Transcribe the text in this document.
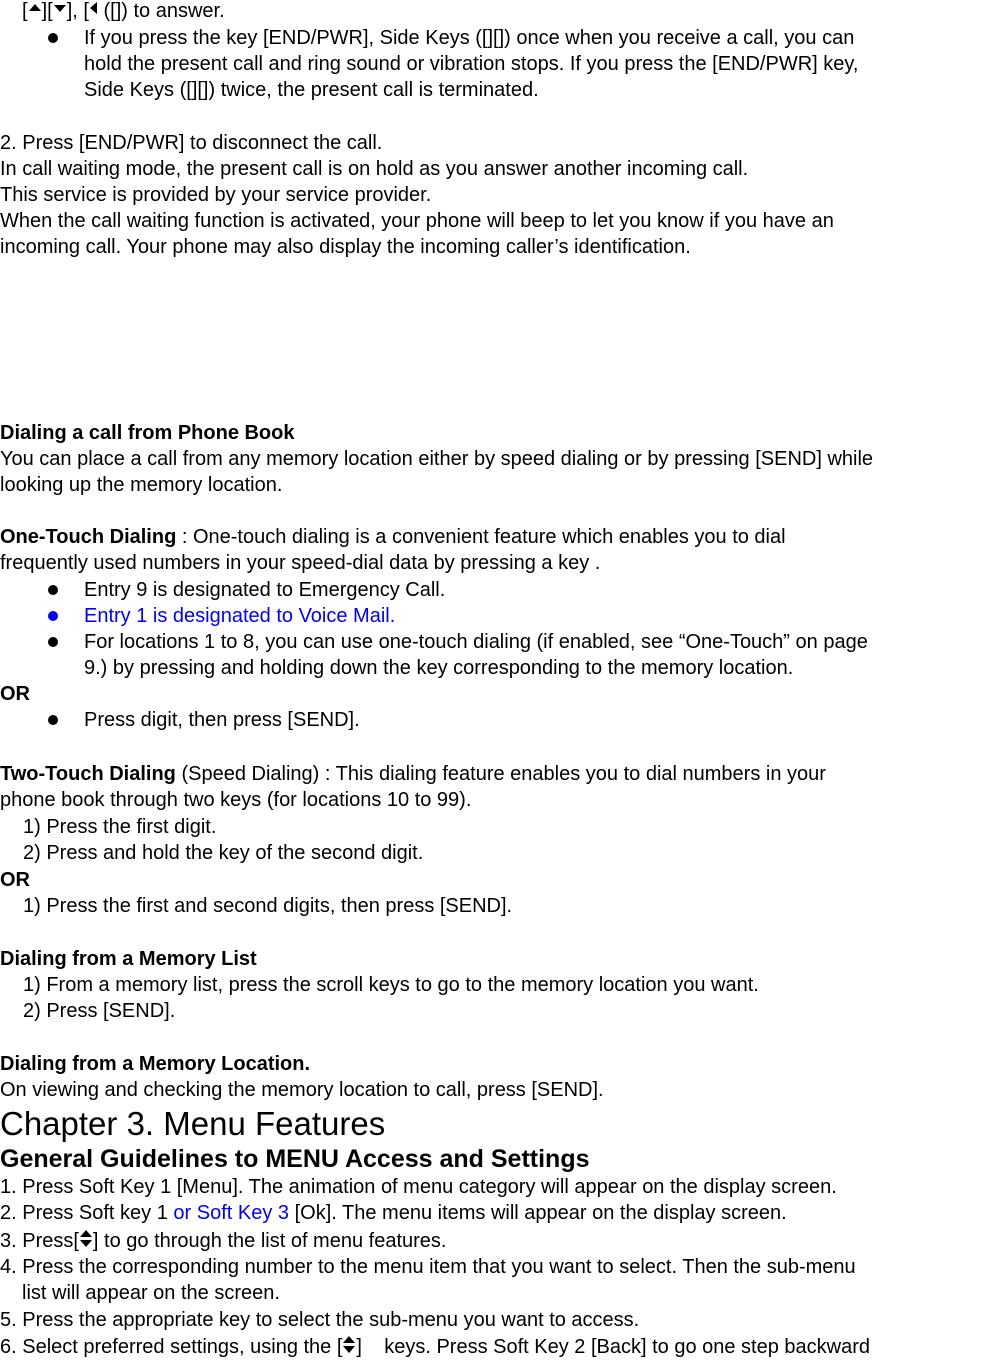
[ ][ ], [ ([]) to answer.
If you press the key [END/PWR], Side Keys ([][]) once when you receive a call, you can
hold the present call and ring sound or vibration stops. If you press the [END/PWR] key,
Side Keys ([][]) twice, the present call is terminated.
2. Press [END/PWR] to disconnect the call.
In call waiting mode, the present call is on hold as you answer another incoming call.
This service is provided by your service provider.
When the call waiting function is activated, your phone will beep to let you know if you have an
incoming call. Your phone may also display the incoming caller’s identification.
Dialing a call from Phone Book
You can place a call from any memory location either by speed dialing or by pressing [SEND] while
looking up the memory location.
One-Touch Dialing : One-touch dialing is a convenient feature which enables you to dial
frequently used numbers in your speed-dial data by pressing a key .
Entry 9 is designated to Emergency Call.
Entry 1 is designated to Voice Mail.
For locations 1 to 8, you can use one-touch dialing (if enabled, see “One-Touch” on page
9.) by pressing and holding down the key corresponding to the memory location.
OR
Press digit, then press [SEND].
Two-Touch Dialing (Speed Dialing) : This dialing feature enables you to dial numbers in your
phone book through two keys (for locations 10 to 99).
1) Press the first digit.
2) Press and hold the key of the second digit.
OR
1) Press the first and second digits, then press [SEND].
Dialing from a Memory List
1) From a memory list, press the scroll keys to go to the memory location you want.
2) Press [SEND].
Dialing from a Memory Location.
On viewing and checking the memory location to call, press [SEND].
Chapter 3. Menu Features
General Guidelines to MENU Access and Settings
1. Press Soft Key 1 [Menu]. The animation of menu category will appear on the display screen.
2. Press Soft key 1 or Soft Key 3 [Ok]. The menu items will appear on the display screen.
3. Press[ ] to go through the list of menu features.
4. Press the corresponding number to the menu item that you want to select. Then the sub-menu
list will appear on the screen.
5. Press the appropriate key to select the sub-menu you want to access.
6. Select preferred settings, using the [ ]    keys. Press Soft Key 2 [Back] to go one step backward
